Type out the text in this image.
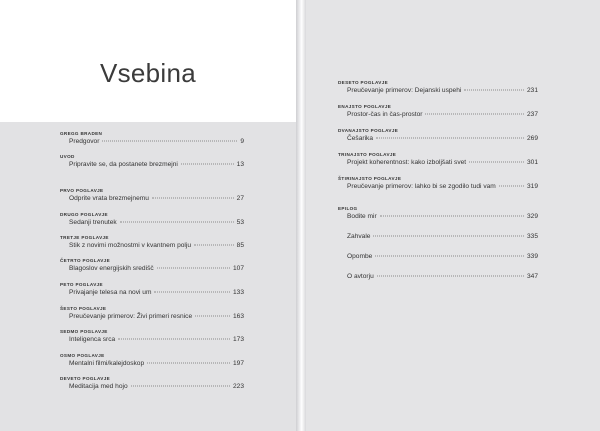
Vsebina
GREGG BRADEN
Predgovor	9
UVOD
Pripravite se, da postanete brezmejni	13
PRVO POGLAVJE
Odprite vrata brezmejnemu	27
DRUGO POGLAVJE
Sedanji trenutek	53
TRETJE POGLAVJE
Stik z novimi možnostmi v kvantnem polju	85
ČETRTO POGLAVJE
Blagoslov energijskih središč	107
PETO POGLAVJE
Privajanje telesa na novi um	133
ŠESTO POGLAVJE
Preučevanje primerov: Živi primeri resnice	163
SEDMO POGLAVJE
Inteligenca srca	173
OSMO POGLAVJE
Mentalni filmi/kalejdoskop	197
DEVETO POGLAVJE
Meditacija med hojo	223
DESETO POGLAVJE
Preučevanje primerov: Dejanski uspehi	231
ENAJSTO POGLAVJE
Prostor-čas in čas-prostor	237
DVANAJSTO POGLAVJE
Češarika	269
TRINAJSTO POGLAVJE
Projekt koherentnost: kako izboljšati svet	301
ŠTIRINAJSTO POGLAVJE
Preučevanje primerov: lahko bi se zgodilo tudi vam	319
EPILOG
Bodite mir	329
Zahvale	335
Opombe	339
O avtorju	347
